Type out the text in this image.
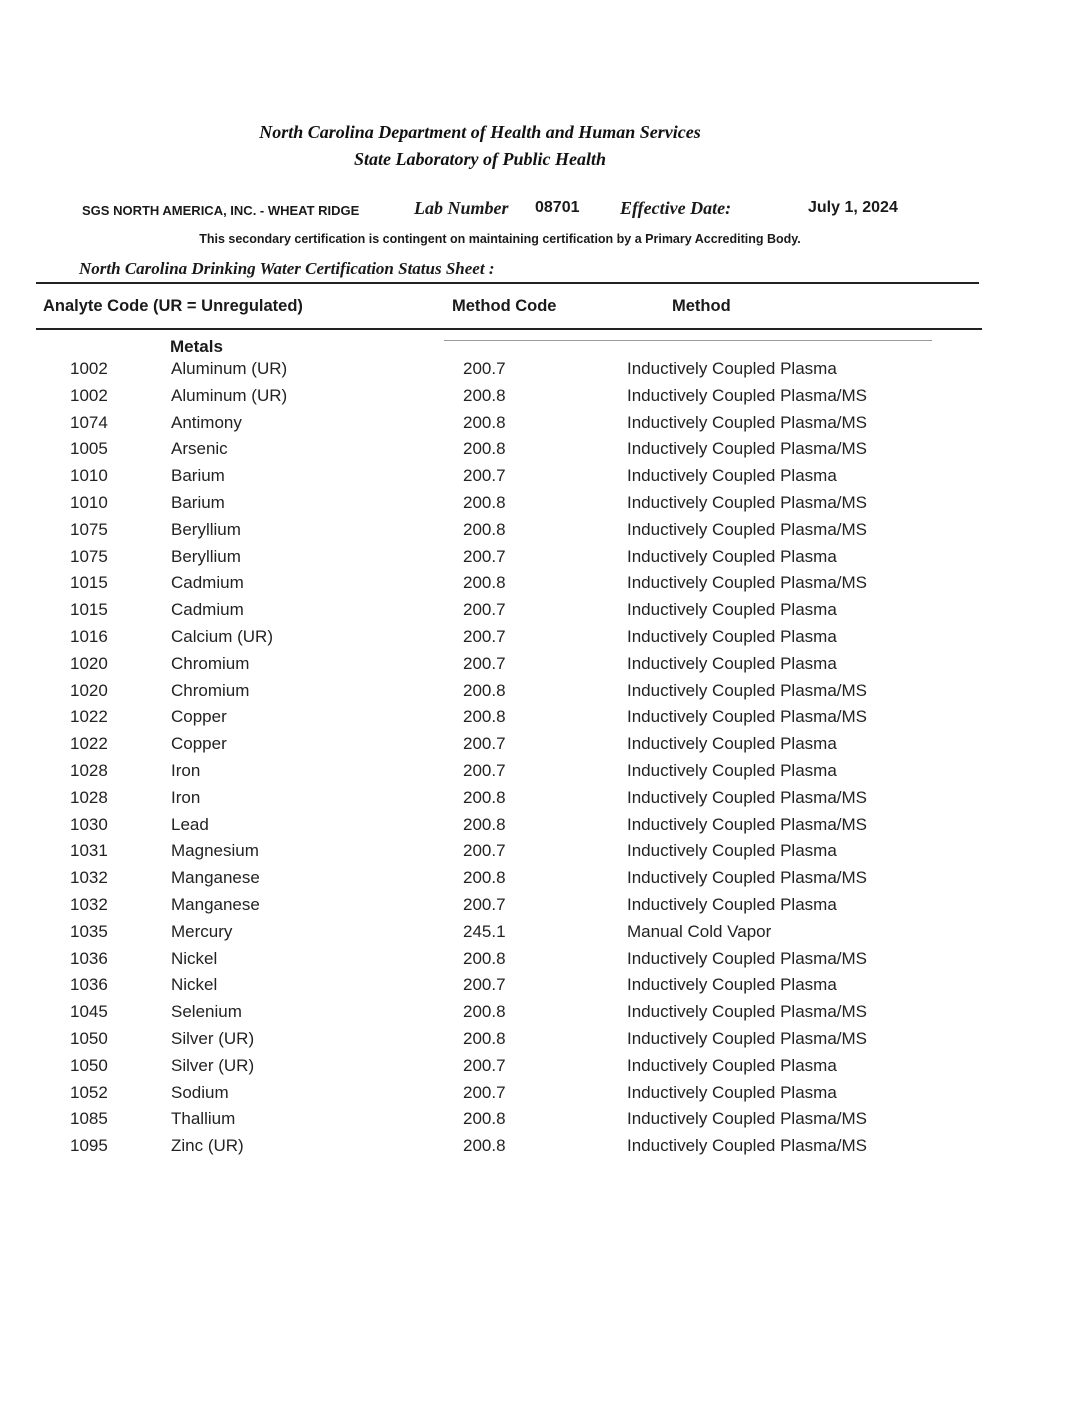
North Carolina Department of Health and Human Services
State Laboratory of Public Health
SGS NORTH AMERICA, INC. - WHEAT RIDGE	Lab Number 08701 Effective Date:	July 1, 2024
This secondary certification is contingent on maintaining certification by a Primary Accrediting Body.
North Carolina Drinking Water Certification Status Sheet :
Analyte Code (UR = Unregulated)	Method Code	Method
Metals
1002	Aluminum (UR)	200.7	Inductively Coupled Plasma
1002	Aluminum (UR)	200.8	Inductively Coupled Plasma/MS
1074	Antimony	200.8	Inductively Coupled Plasma/MS
1005	Arsenic	200.8	Inductively Coupled Plasma/MS
1010	Barium	200.7	Inductively Coupled Plasma
1010	Barium	200.8	Inductively Coupled Plasma/MS
1075	Beryllium	200.8	Inductively Coupled Plasma/MS
1075	Beryllium	200.7	Inductively Coupled Plasma
1015	Cadmium	200.8	Inductively Coupled Plasma/MS
1015	Cadmium	200.7	Inductively Coupled Plasma
1016	Calcium (UR)	200.7	Inductively Coupled Plasma
1020	Chromium	200.7	Inductively Coupled Plasma
1020	Chromium	200.8	Inductively Coupled Plasma/MS
1022	Copper	200.8	Inductively Coupled Plasma/MS
1022	Copper	200.7	Inductively Coupled Plasma
1028	Iron	200.7	Inductively Coupled Plasma
1028	Iron	200.8	Inductively Coupled Plasma/MS
1030	Lead	200.8	Inductively Coupled Plasma/MS
1031	Magnesium	200.7	Inductively Coupled Plasma
1032	Manganese	200.8	Inductively Coupled Plasma/MS
1032	Manganese	200.7	Inductively Coupled Plasma
1035	Mercury	245.1	Manual Cold Vapor
1036	Nickel	200.8	Inductively Coupled Plasma/MS
1036	Nickel	200.7	Inductively Coupled Plasma
1045	Selenium	200.8	Inductively Coupled Plasma/MS
1050	Silver (UR)	200.8	Inductively Coupled Plasma/MS
1050	Silver (UR)	200.7	Inductively Coupled Plasma
1052	Sodium	200.7	Inductively Coupled Plasma
1085	Thallium	200.8	Inductively Coupled Plasma/MS
1095	Zinc (UR)	200.8	Inductively Coupled Plasma/MS
